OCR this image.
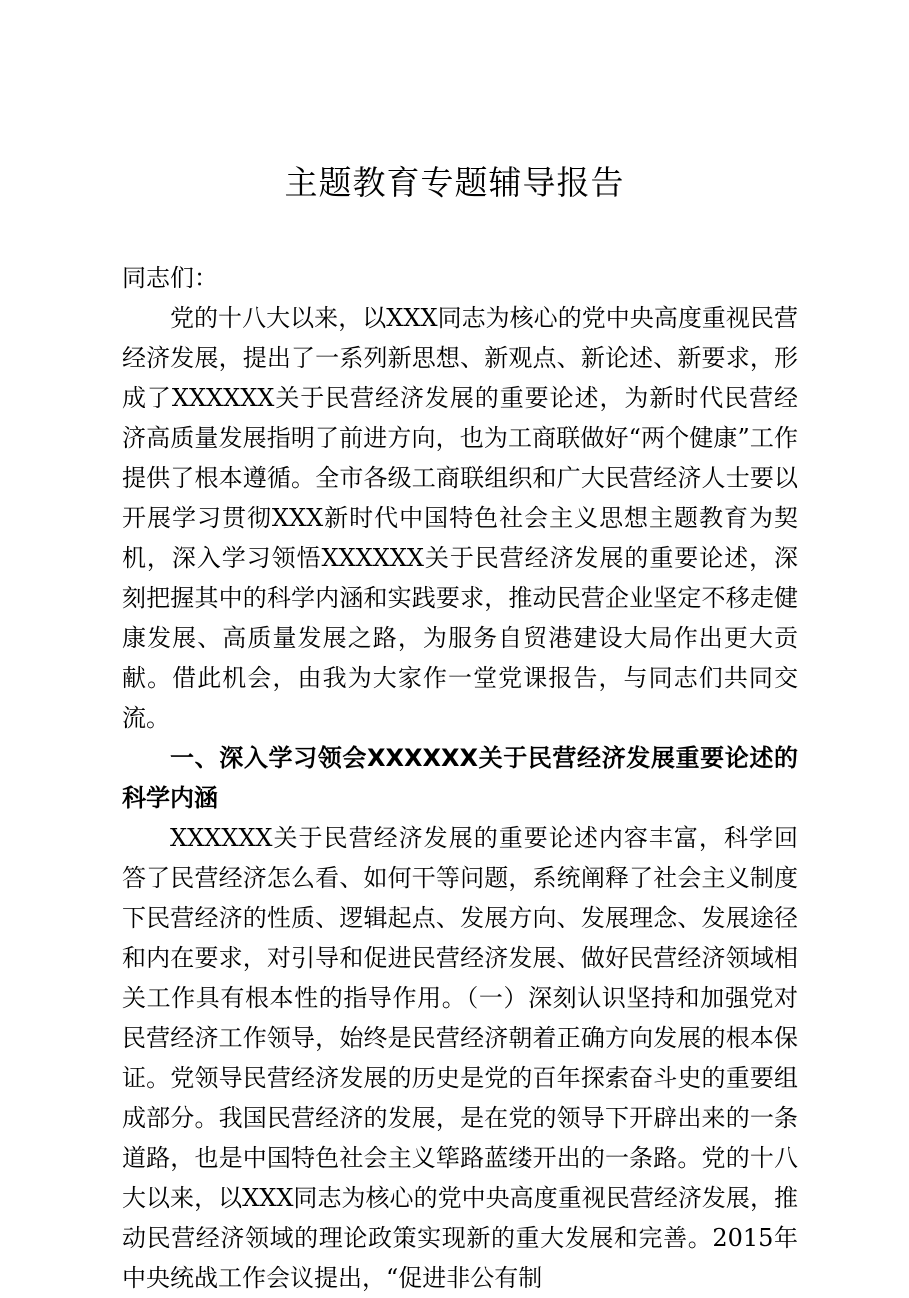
主题教育专题辅导报告

同志们：

党的十八大以来，以XXX同志为核心的党中央高度重视民营经济发展，提出了一系列新思想、新观点、新论述、新要求，形成了XXXXXX关于民营经济发展的重要论述，为新时代民营经济高质量发展指明了前进方向，也为工商联做好“两个健康”工作提供了根本遵循。全市各级工商联组织和广大民营经济人士要以开展学习贯彻XXX新时代中国特色社会主义思想主题教育为契机，深入学习领悟XXXXXX关于民营经济发展的重要论述，深刻把握其中的科学内涵和实践要求，推动民营企业坚定不移走健康发展、高质量发展之路，为服务自贸港建设大局作出更大贡献。借此机会，由我为大家作一堂党课报告，与同志们共同交流。

一、深入学习领会XXXXXX关于民营经济发展重要论述的科学内涵

XXXXXX关于民营经济发展的重要论述内容丰富，科学回答了民营经济怎么看、如何干等问题，系统阐释了社会主义制度下民营经济的性质、逻辑起点、发展方向、发展理念、发展途径和内在要求，对引导和促进民营经济发展、做好民营经济领域相关工作具有根本性的指导作用。（一）深刻认识坚持和加强党对民营经济工作领导，始终是民营经济朝着正确方向发展的根本保证。党领导民营经济发展的历史是党的百年探索奋斗史的重要组成部分。我国民营经济的发展，是在党的领导下开辟出来的一条道路，也是中国特色社会主义筚路蓝缕开出的一条路。党的十八大以来，以XXX同志为核心的党中央高度重视民营经济发展，推动民营经济领域的理论政策实现新的重大发展和完善。2015年中央统战工作会议提出，“促进非公有制
